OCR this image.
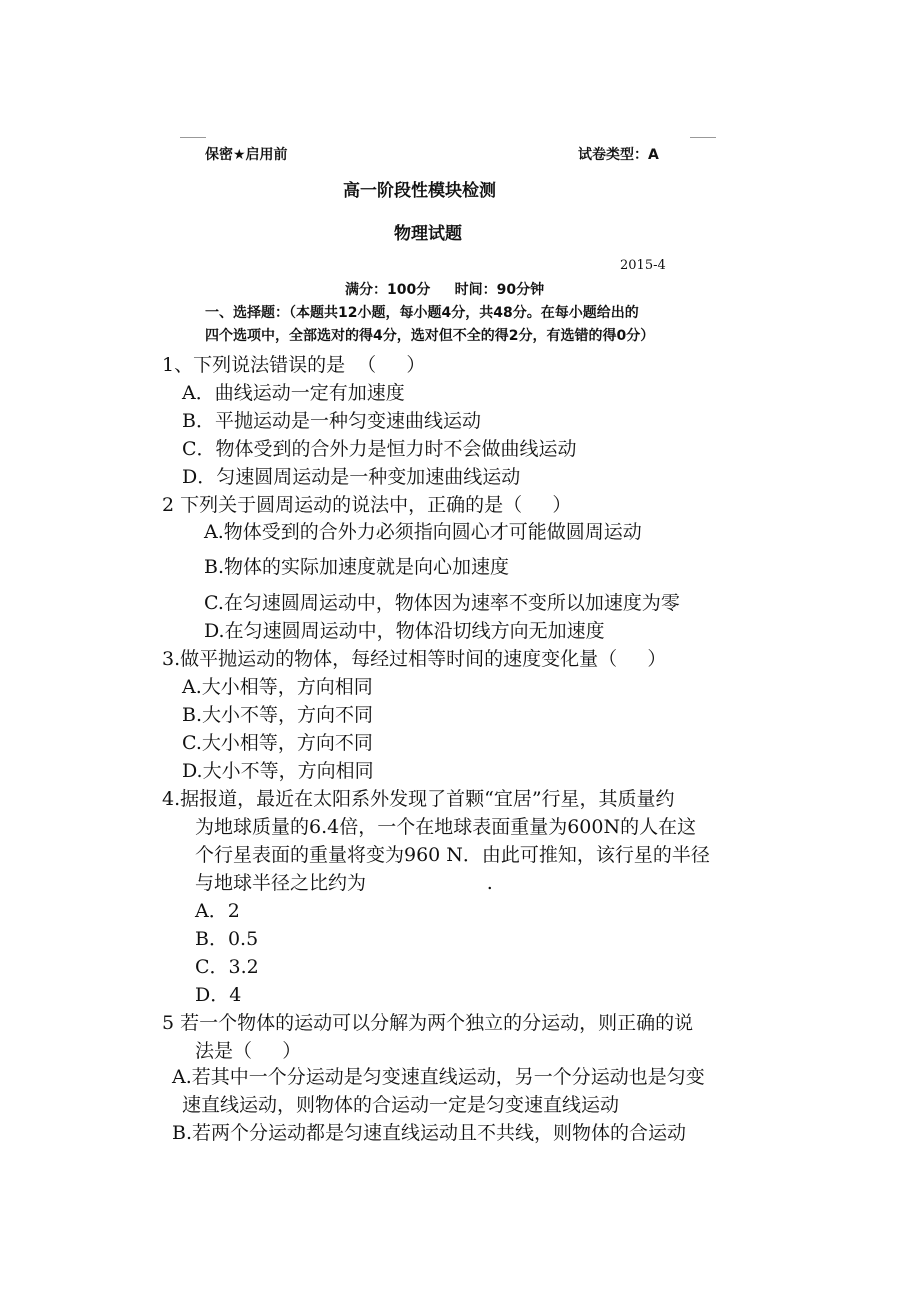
保密★启用前	试卷类型：A
高一阶段性模块检测
物理试题
2015-4
满分：100分     时间：90分钟
一、选择题：（本题共12小题，每小题4分，共48分。在每小题给出的
四个选项中，全部选对的得4分，选对但不全的得2分，有选错的得0分）
1、下列说法错误的是  （     ）
A．曲线运动一定有加速度
B．平抛运动是一种匀变速曲线运动
C．物体受到的合外力是恒力时不会做曲线运动
D．匀速圆周运动是一种变加速曲线运动
2 下列关于圆周运动的说法中，正确的是（     ）
A.物体受到的合外力必须指向圆心才可能做圆周运动
B.物体的实际加速度就是向心加速度
C.在匀速圆周运动中，物体因为速率不变所以加速度为零
D.在匀速圆周运动中，物体沿切线方向无加速度
3.做平抛运动的物体，每经过相等时间的速度变化量（     ）
A.大小相等，方向相同
B.大小不等，方向不同
C.大小相等，方向不同
D.大小不等，方向相同
4.据报道，最近在太阳系外发现了首颗“宜居”行星，其质量约
为地球质量的6.4倍，一个在地球表面重量为600N的人在这
个行星表面的重量将变为960 N．由此可推知，该行星的半径
与地球半径之比约为                    .
A．2
B．0.5
C．3.2
D．4
5 若一个物体的运动可以分解为两个独立的分运动，则正确的说
法是（     ）
A.若其中一个分运动是匀变速直线运动，另一个分运动也是匀变
速直线运动，则物体的合运动一定是匀变速直线运动
B.若两个分运动都是匀速直线运动且不共线，则物体的合运动
